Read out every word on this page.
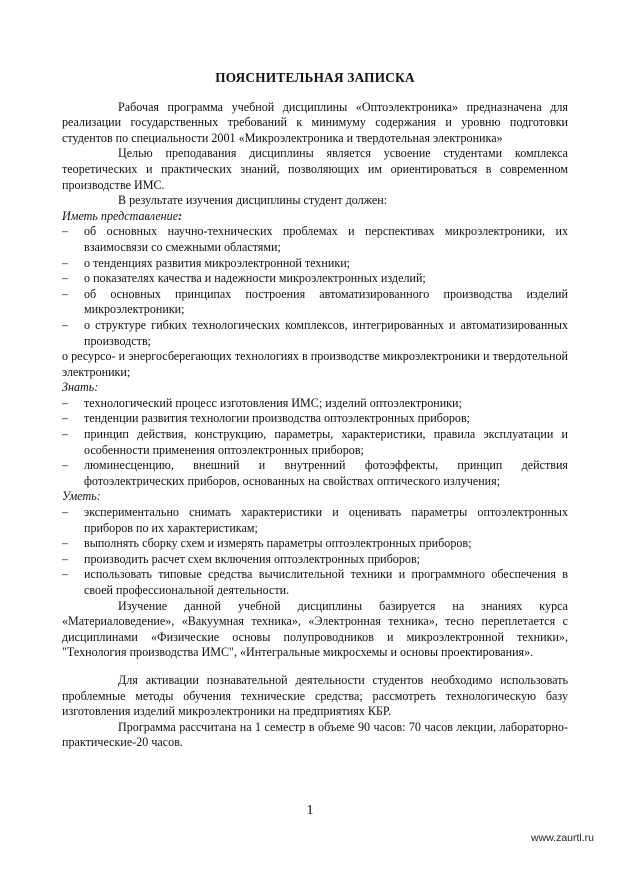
ПОЯСНИТЕЛЬНАЯ ЗАПИСКА

Рабочая программа учебной дисциплины «Оптоэлектроника» предназначена для реализации государственных требований к минимуму содержания и уровню подготовки студентов по специальности 2001 «Микроэлектроника и твердотельная электроника»

Целью преподавания дисциплины является усвоение студентами комплекса теоретических и практических знаний, позволяющих им ориентироваться в современном производстве ИМС.

В результате изучения дисциплины студент должен:

Иметь представление:

– об основных научно-технических проблемах и перспективах микроэлектроники, их взаимосвязи со смежными областями;
– о тенденциях развития микроэлектронной техники;
– о показателях качества и надежности микроэлектронных изделий;
– об основных принципах построения автоматизированного производства изделий микроэлектроники;
– о структуре гибких технологических комплексов, интегрированных и автоматизированных производств;

о ресурсо- и энергосберегающих технологиях в производстве микроэлектроники и твердотельной электроники;

Знать:

– технологический процесс изготовления ИМС; изделий оптоэлектроники;
– тенденции развития технологии производства оптоэлектронных приборов;
– принцип действия, конструкцию, параметры, характеристики, правила эксплуатации и особенности применения оптоэлектронных приборов;
– люминесценцию, внешний и внутренний фотоэффекты, принцип действия фотоэлектрических приборов, основанных на свойствах оптического излучения;

Уметь:

– экспериментально снимать характеристики и оценивать параметры оптоэлектронных приборов по их характеристикам;
– выполнять сборку схем и измерять параметры оптоэлектронных приборов;
– производить расчет схем включения оптоэлектронных приборов;
– использовать типовые средства вычислительной техники и программного обеспечения в своей профессиональной деятельности.

Изучение данной учебной дисциплины базируется на знаниях курса «Материаловедение», «Вакуумная техника», «Электронная техника», тесно переплетается с дисциплинами «Физические основы полупроводников и микроэлектронной техники», "Технология производства ИМС", «Интегральные микросхемы и основы проектирования».

Для активации познавательной деятельности студентов необходимо использовать проблемные методы обучения технические средства; рассмотреть технологическую базу изготовления изделий микроэлектроники на предприятиях КБР.

Программа рассчитана на 1 семестр в объеме 90 часов: 70 часов лекции, лабораторно-практические-20 часов.

1
www.zaurtl.ru
